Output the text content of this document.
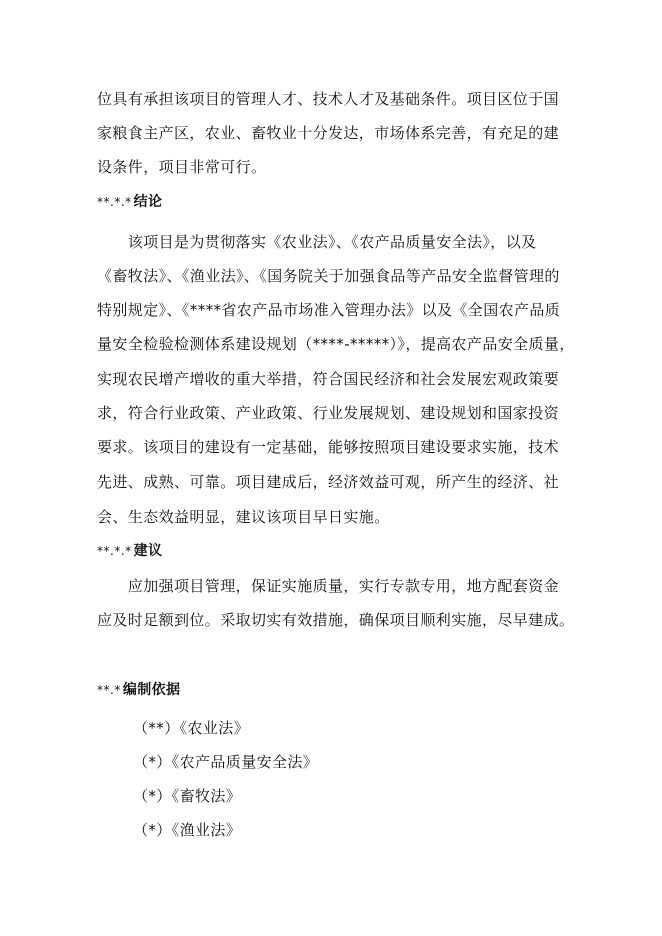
位具有承担该项目的管理人才、技术人才及基础条件。项目区位于国
家粮食主产区，农业、畜牧业十分发达，市场体系完善，有充足的建
设条件，项目非常可行。
**.*.* 结论
　　该项目是为贯彻落实《农业法》、《农产品质量安全法》，以及
《畜牧法》、《渔业法》、《国务院关于加强食品等产品安全监督管理的
特别规定》、《****省农产品市场准入管理办法》以及《全国农产品质
量安全检验检测体系建设规划（****-*****）》，提高农产品安全质量，
实现农民增产增收的重大举措，符合国民经济和社会发展宏观政策要
求，符合行业政策、产业政策、行业发展规划、建设规划和国家投资
要求。该项目的建设有一定基础，能够按照项目建设要求实施，技术
先进、成熟、可靠。项目建成后，经济效益可观，所产生的经济、社
会、生态效益明显，建议该项目早日实施。
**.*.* 建议
　　应加强项目管理，保证实施质量，实行专款专用，地方配套资金
应及时足额到位。采取切实有效措施，确保项目顺利实施，尽早建成。
**.* 编制依据
（**）《农业法》
（*）《农产品质量安全法》
（*）《畜牧法》
（*）《渔业法》
